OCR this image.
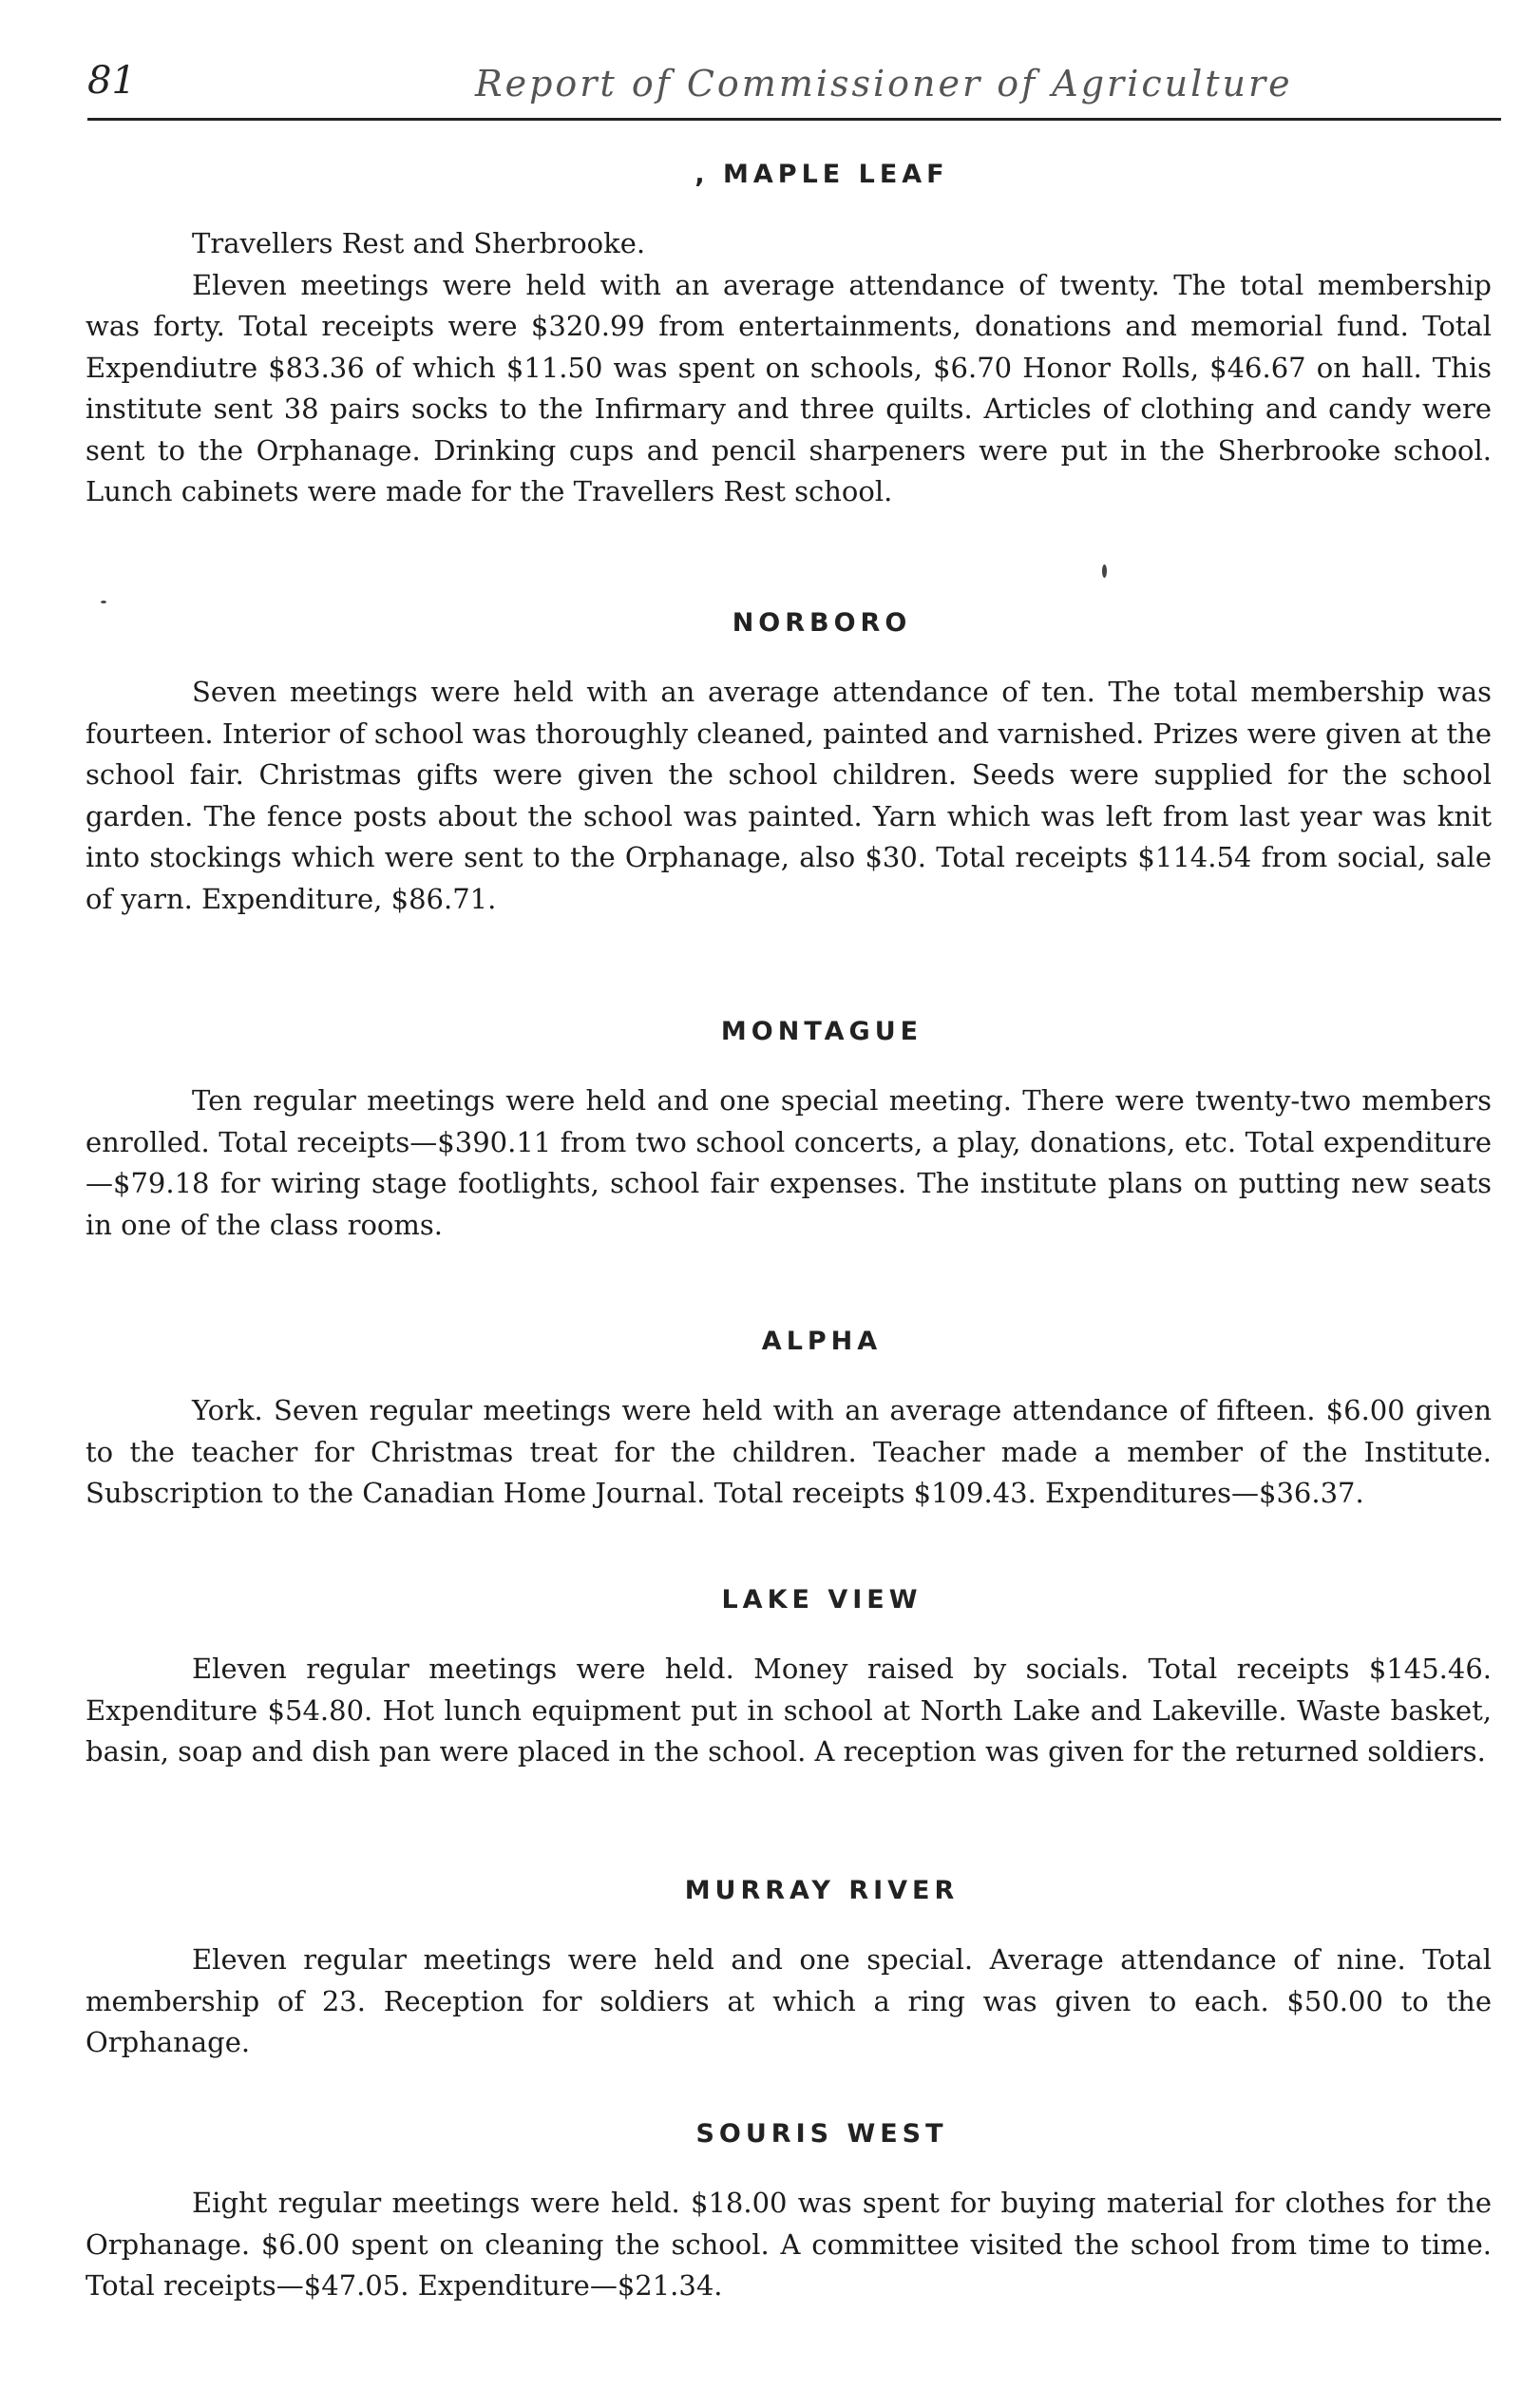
81	Report of Commissioner of Agriculture
, MAPLE LEAF

Travellers Rest and Sherbrooke.

Eleven meetings were held with an average attendance of twenty. The total membership was forty. Total receipts were $320.99 from entertainments, donations and memorial fund. Total Expendiutre $83.36 of which $11.50 was spent on schools, $6.70 Honor Rolls, $46.67 on hall. This institute sent 38 pairs socks to the Infirmary and three quilts. Articles of clothing and candy were sent to the Orphanage. Drinking cups and pencil sharpeners were put in the Sherbrooke school. Lunch cabinets were made for the Travellers Rest school.

NORBORO

Seven meetings were held with an average attendance of ten. The total membership was fourteen. Interior of school was thoroughly cleaned, painted and varnished. Prizes were given at the school fair. Christmas gifts were given the school children. Seeds were supplied for the school garden. The fence posts about the school was painted. Yarn which was left from last year was knit into stockings which were sent to the Orphanage, also $30. Total receipts $114.54 from social, sale of yarn. Expenditure, $86.71.

MONTAGUE

Ten regular meetings were held and one special meeting. There were twenty-two members enrolled. Total receipts—$390.11 from two school concerts, a play, donations, etc. Total expenditure—$79.18 for wiring stage footlights, school fair expenses. The institute plans on putting new seats in one of the class rooms.

ALPHA

York. Seven regular meetings were held with an average attendance of fifteen. $6.00 given to the teacher for Christmas treat for the children. Teacher made a member of the Institute. Subscription to the Canadian Home Journal. Total receipts $109.43. Expenditures—$36.37.

LAKE VIEW

Eleven regular meetings were held. Money raised by socials. Total receipts $145.46. Expenditure $54.80. Hot lunch equipment put in school at North Lake and Lakeville. Waste basket, basin, soap and dish pan were placed in the school. A reception was given for the returned soldiers.

MURRAY RIVER

Eleven regular meetings were held and one special. Average attendance of nine. Total membership of 23. Reception for soldiers at which a ring was given to each. $50.00 to the Orphanage.

SOURIS WEST

Eight regular meetings were held. $18.00 was spent for buying material for clothes for the Orphanage. $6.00 spent on cleaning the school. A committee visited the school from time to time. Total receipts—$47.05. Expenditure—$21.34.
